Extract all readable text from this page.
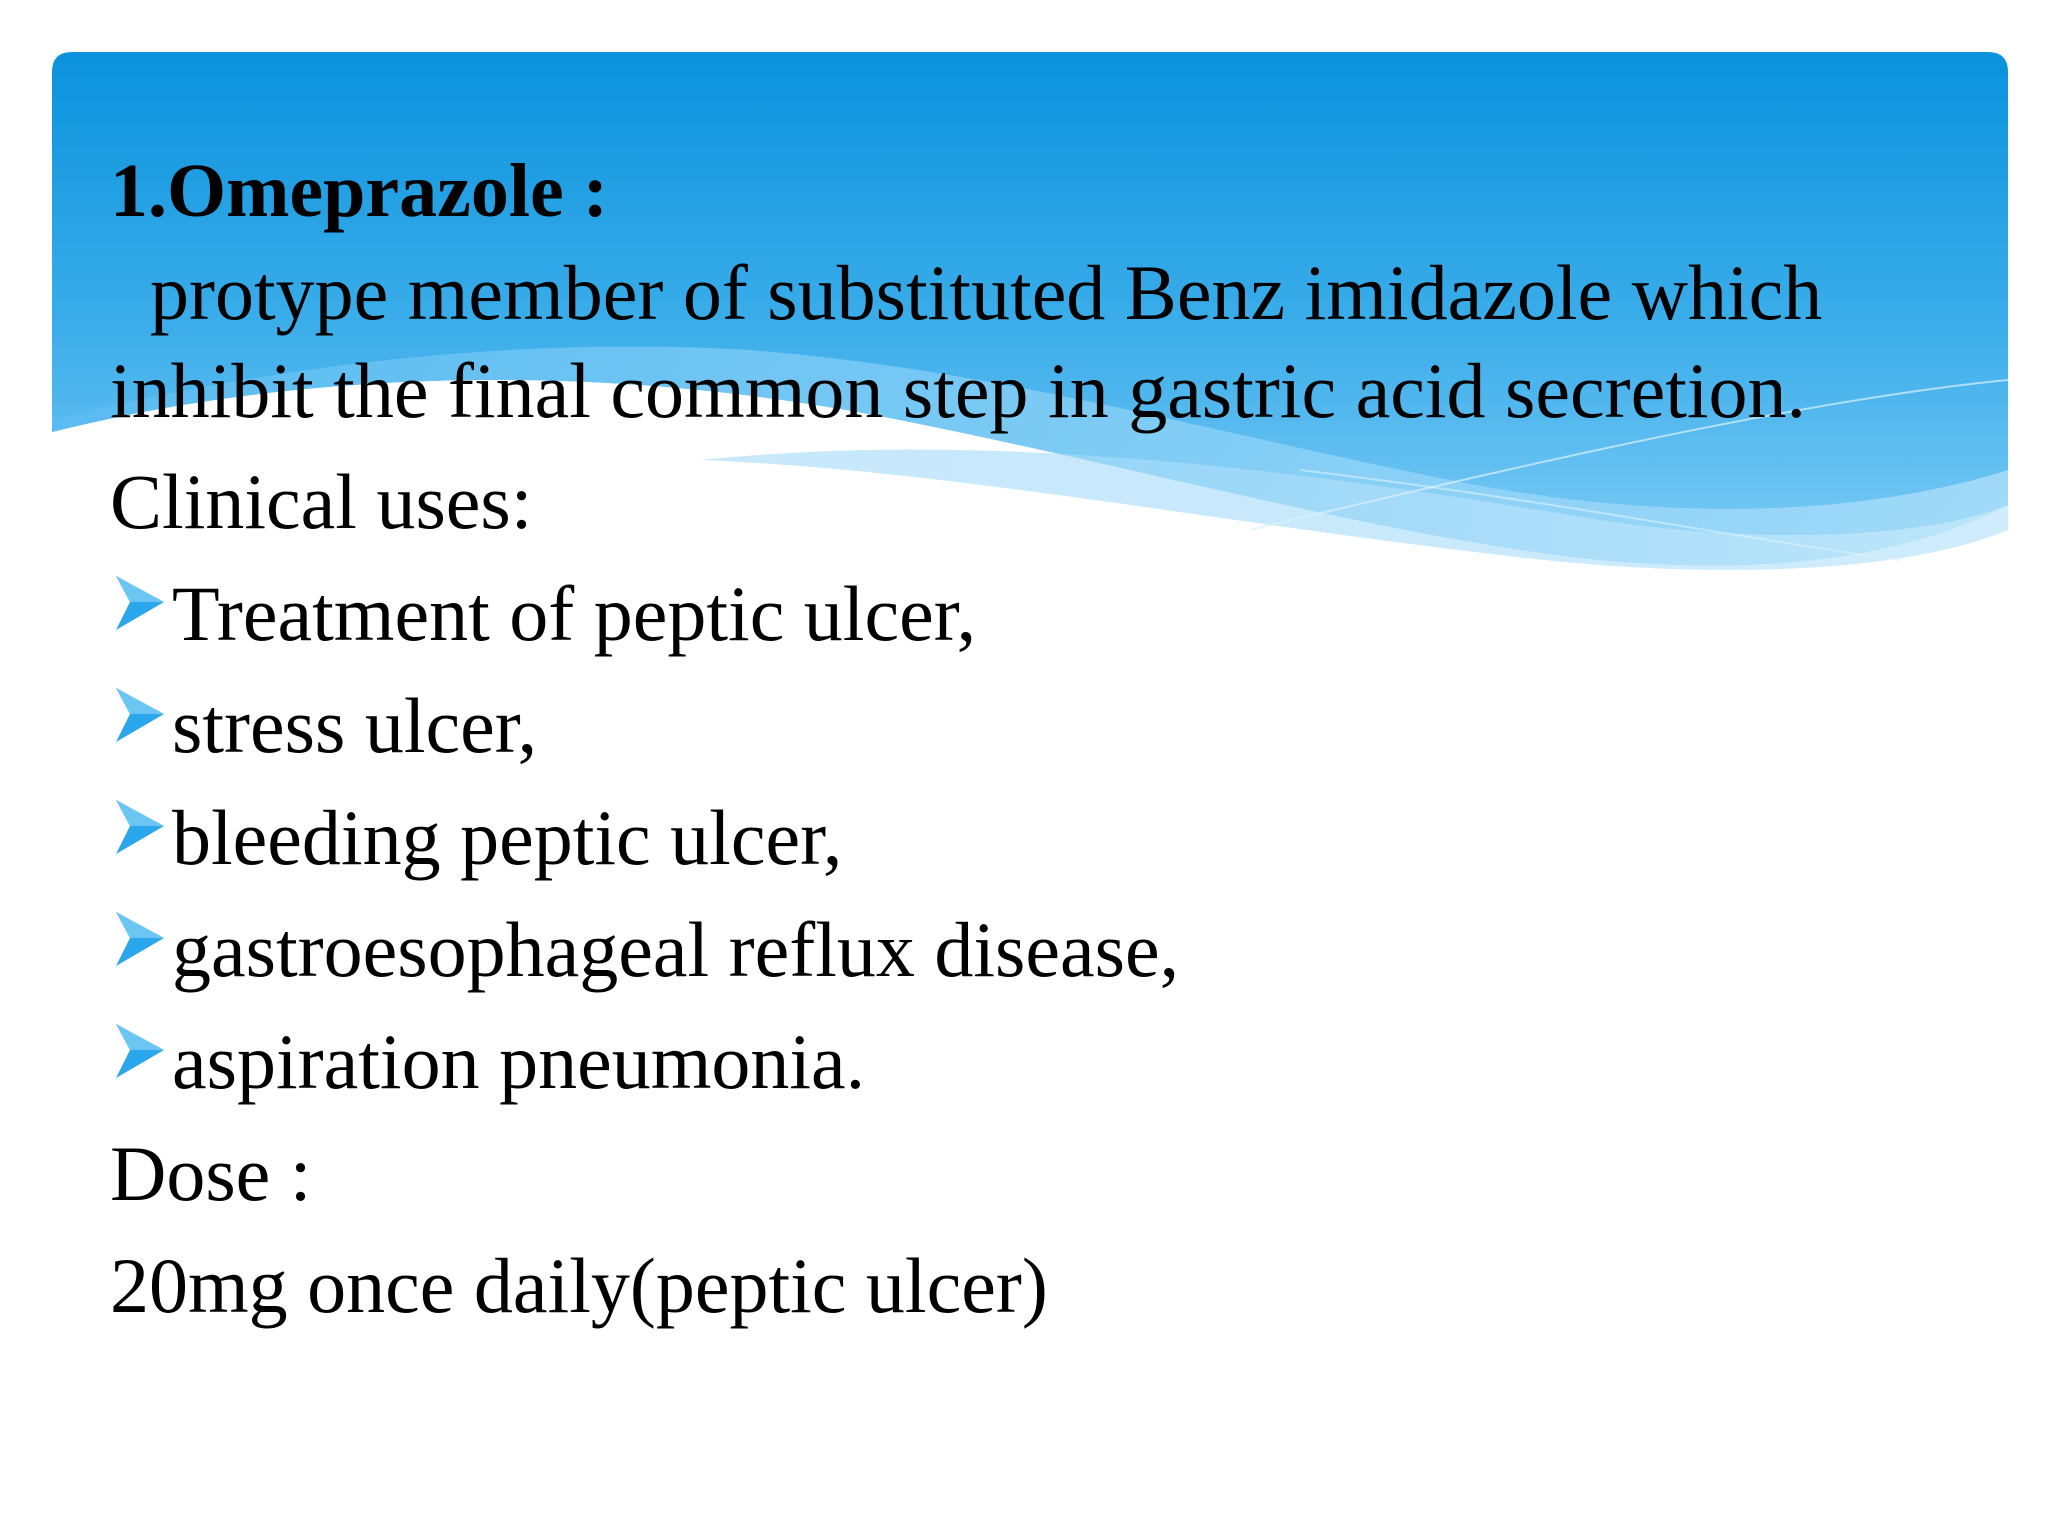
1.Omeprazole :

protype member of substituted Benz imidazole which
inhibit the final common step in gastric acid secretion.

Clinical uses:

Treatment of peptic ulcer,

stress ulcer,

bleeding peptic ulcer,

gastroesophageal reflux disease,

aspiration pneumonia.

Dose :

20mg once daily(peptic ulcer)
